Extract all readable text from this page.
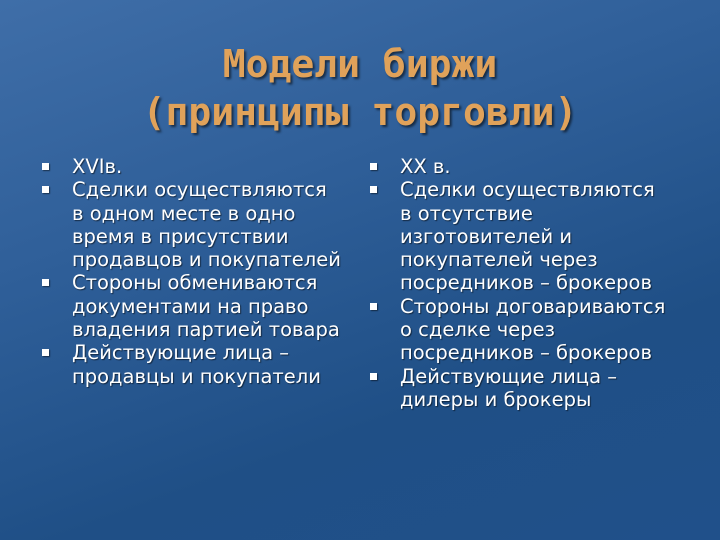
Модели биржи
(принципы торговли)
XVIв.
Сделки осуществляются в одном месте в одно время в присутствии продавцов и покупателей
Стороны обмениваются документами на право владения партией товара
Действующие лица – продавцы и покупатели
XX в.
Сделки осуществляются в отсутствие изготовителей и покупателей через посредников – брокеров
Стороны договариваются о сделке через посредников – брокеров
Действующие лица – дилеры и брокеры
